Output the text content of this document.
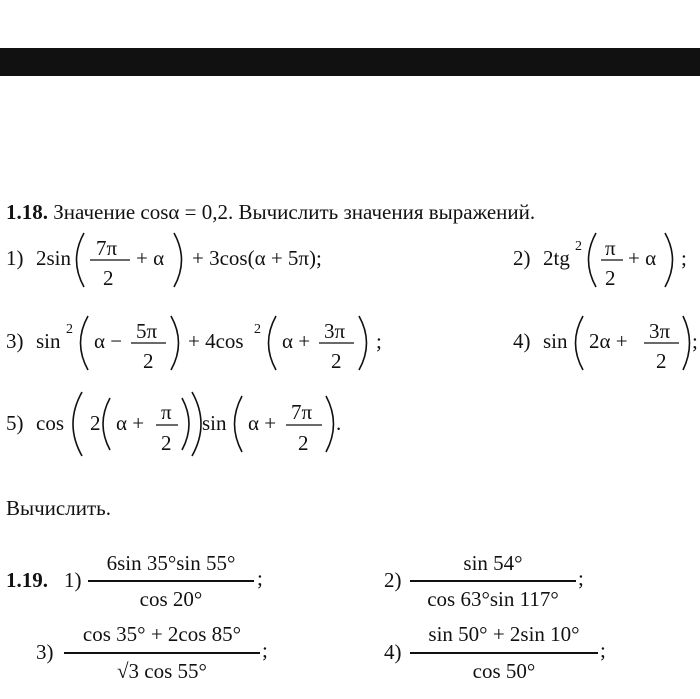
1.18. Значение cosα = 0,2. Вычислить значения выражений.
1) 2sin 7π
2
+ α + 3cos(α + 5π);	2) 2tg 2 π
2
+ α ;
3) sin 2 α − 5π
2
+ 4cos 2 α + 3π
2
;	4) sin 2α + 3π
2
;
5) cos 2 α + π
2
sin α + 7π
2
.
Вычислить.
1.19. 1)
6sin 35°sin 55°
cos 20°
;	2)
sin 54°
cos 63°sin 117°
;
3)
cos 35° + 2cos 85°
√3 cos 55°
;	4)
sin 50° + 2sin 10°
cos 50°
;
